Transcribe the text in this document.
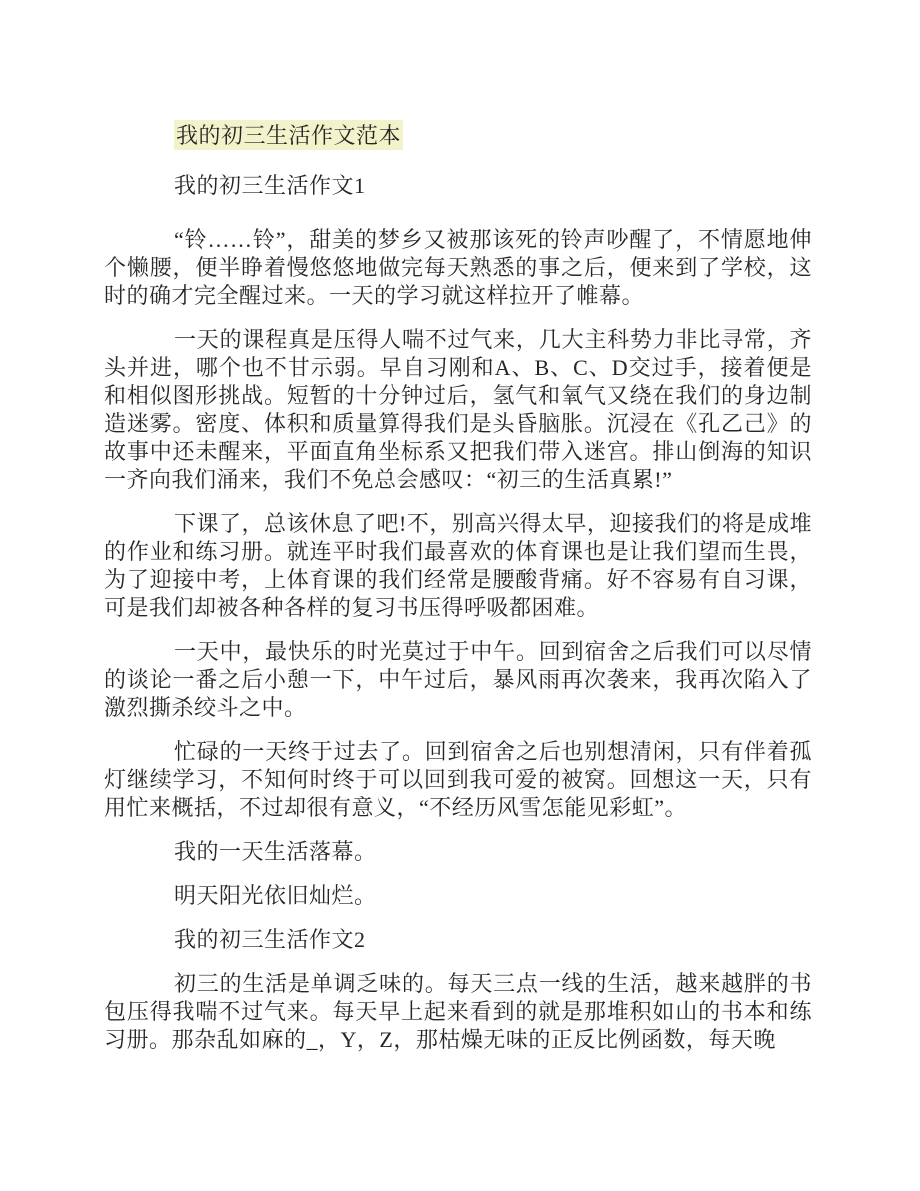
我的初三生活作文范本

我的初三生活作文1

“铃……铃”，甜美的梦乡又被那该死的铃声吵醒了，不情愿地伸个懒腰，便半睁着慢悠悠地做完每天熟悉的事之后，便来到了学校，这时的确才完全醒过来。一天的学习就这样拉开了帷幕。

一天的课程真是压得人喘不过气来，几大主科势力非比寻常，齐头并进，哪个也不甘示弱。早自习刚和A、B、C、D交过手，接着便是和相似图形挑战。短暂的十分钟过后，氢气和氧气又绕在我们的身边制造迷雾。密度、体积和质量算得我们是头昏脑胀。沉浸在《孔乙己》的故事中还未醒来，平面直角坐标系又把我们带入迷宫。排山倒海的知识一齐向我们涌来，我们不免总会感叹：“初三的生活真累!”

下课了，总该休息了吧!不，别高兴得太早，迎接我们的将是成堆的作业和练习册。就连平时我们最喜欢的体育课也是让我们望而生畏，为了迎接中考，上体育课的我们经常是腰酸背痛。好不容易有自习课，可是我们却被各种各样的复习书压得呼吸都困难。

一天中，最快乐的时光莫过于中午。回到宿舍之后我们可以尽情的谈论一番之后小憩一下，中午过后，暴风雨再次袭来，我再次陷入了激烈撕杀绞斗之中。

忙碌的一天终于过去了。回到宿舍之后也别想清闲，只有伴着孤灯继续学习，不知何时终于可以回到我可爱的被窝。回想这一天，只有用忙来概括，不过却很有意义，“不经历风雪怎能见彩虹”。

我的一天生活落幕。

明天阳光依旧灿烂。

我的初三生活作文2

初三的生活是单调乏味的。每天三点一线的生活，越来越胖的书包压得我喘不过气来。每天早上起来看到的就是那堆积如山的书本和练习册。那杂乱如麻的_，Y，Z，那枯燥无味的正反比例函数，每天晚
